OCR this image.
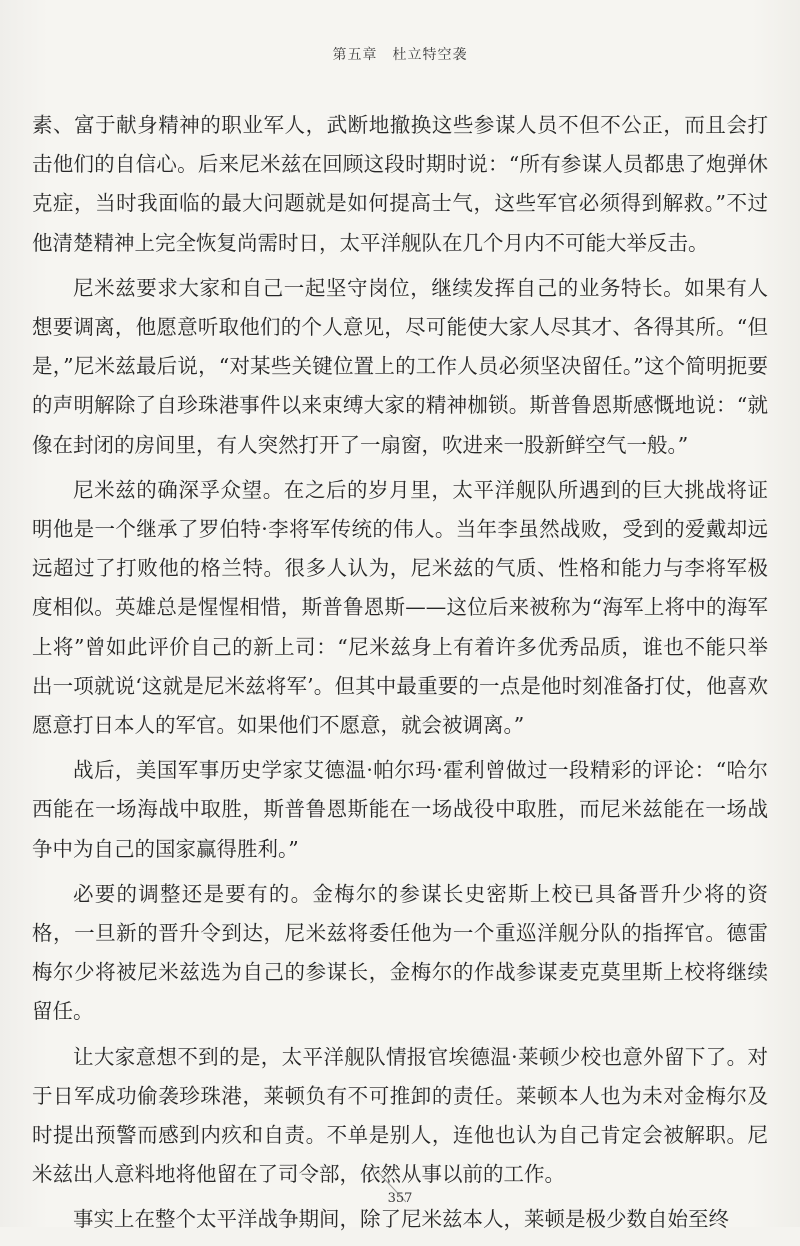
第五章　杜立特空袭

素、富于献身精神的职业军人，武断地撤换这些参谋人员不但不公正，而且会打击他们的自信心。后来尼米兹在回顾这段时期时说：“所有参谋人员都患了炮弹休克症，当时我面临的最大问题就是如何提高士气，这些军官必须得到解救。”不过他清楚精神上完全恢复尚需时日，太平洋舰队在几个月内不可能大举反击。

尼米兹要求大家和自己一起坚守岗位，继续发挥自己的业务特长。如果有人想要调离，他愿意听取他们的个人意见，尽可能使大家人尽其才、各得其所。“但是，”尼米兹最后说，“对某些关键位置上的工作人员必须坚决留任。”这个简明扼要的声明解除了自珍珠港事件以来束缚大家的精神枷锁。斯普鲁恩斯感慨地说：“就像在封闭的房间里，有人突然打开了一扇窗，吹进来一股新鲜空气一般。”

尼米兹的确深孚众望。在之后的岁月里，太平洋舰队所遇到的巨大挑战将证明他是一个继承了罗伯特·李将军传统的伟人。当年李虽然战败，受到的爱戴却远远超过了打败他的格兰特。很多人认为，尼米兹的气质、性格和能力与李将军极度相似。英雄总是惺惺相惜，斯普鲁恩斯——这位后来被称为“海军上将中的海军上将”曾如此评价自己的新上司：“尼米兹身上有着许多优秀品质，谁也不能只举出一项就说‘这就是尼米兹将军’。但其中最重要的一点是他时刻准备打仗，他喜欢愿意打日本人的军官。如果他们不愿意，就会被调离。”

战后，美国军事历史学家艾德温·帕尔玛·霍利曾做过一段精彩的评论：“哈尔西能在一场海战中取胜，斯普鲁恩斯能在一场战役中取胜，而尼米兹能在一场战争中为自己的国家赢得胜利。”

必要的调整还是要有的。金梅尔的参谋长史密斯上校已具备晋升少将的资格，一旦新的晋升令到达，尼米兹将委任他为一个重巡洋舰分队的指挥官。德雷梅尔少将被尼米兹选为自己的参谋长，金梅尔的作战参谋麦克莫里斯上校将继续留任。

让大家意想不到的是，太平洋舰队情报官埃德温·莱顿少校也意外留下了。对于日军成功偷袭珍珠港，莱顿负有不可推卸的责任。莱顿本人也为未对金梅尔及时提出预警而感到内疚和自责。不单是别人，连他也认为自己肯定会被解职。尼米兹出人意料地将他留在了司令部，依然从事以前的工作。

事实上在整个太平洋战争期间，除了尼米兹本人，莱顿是极少数自始至终

357
